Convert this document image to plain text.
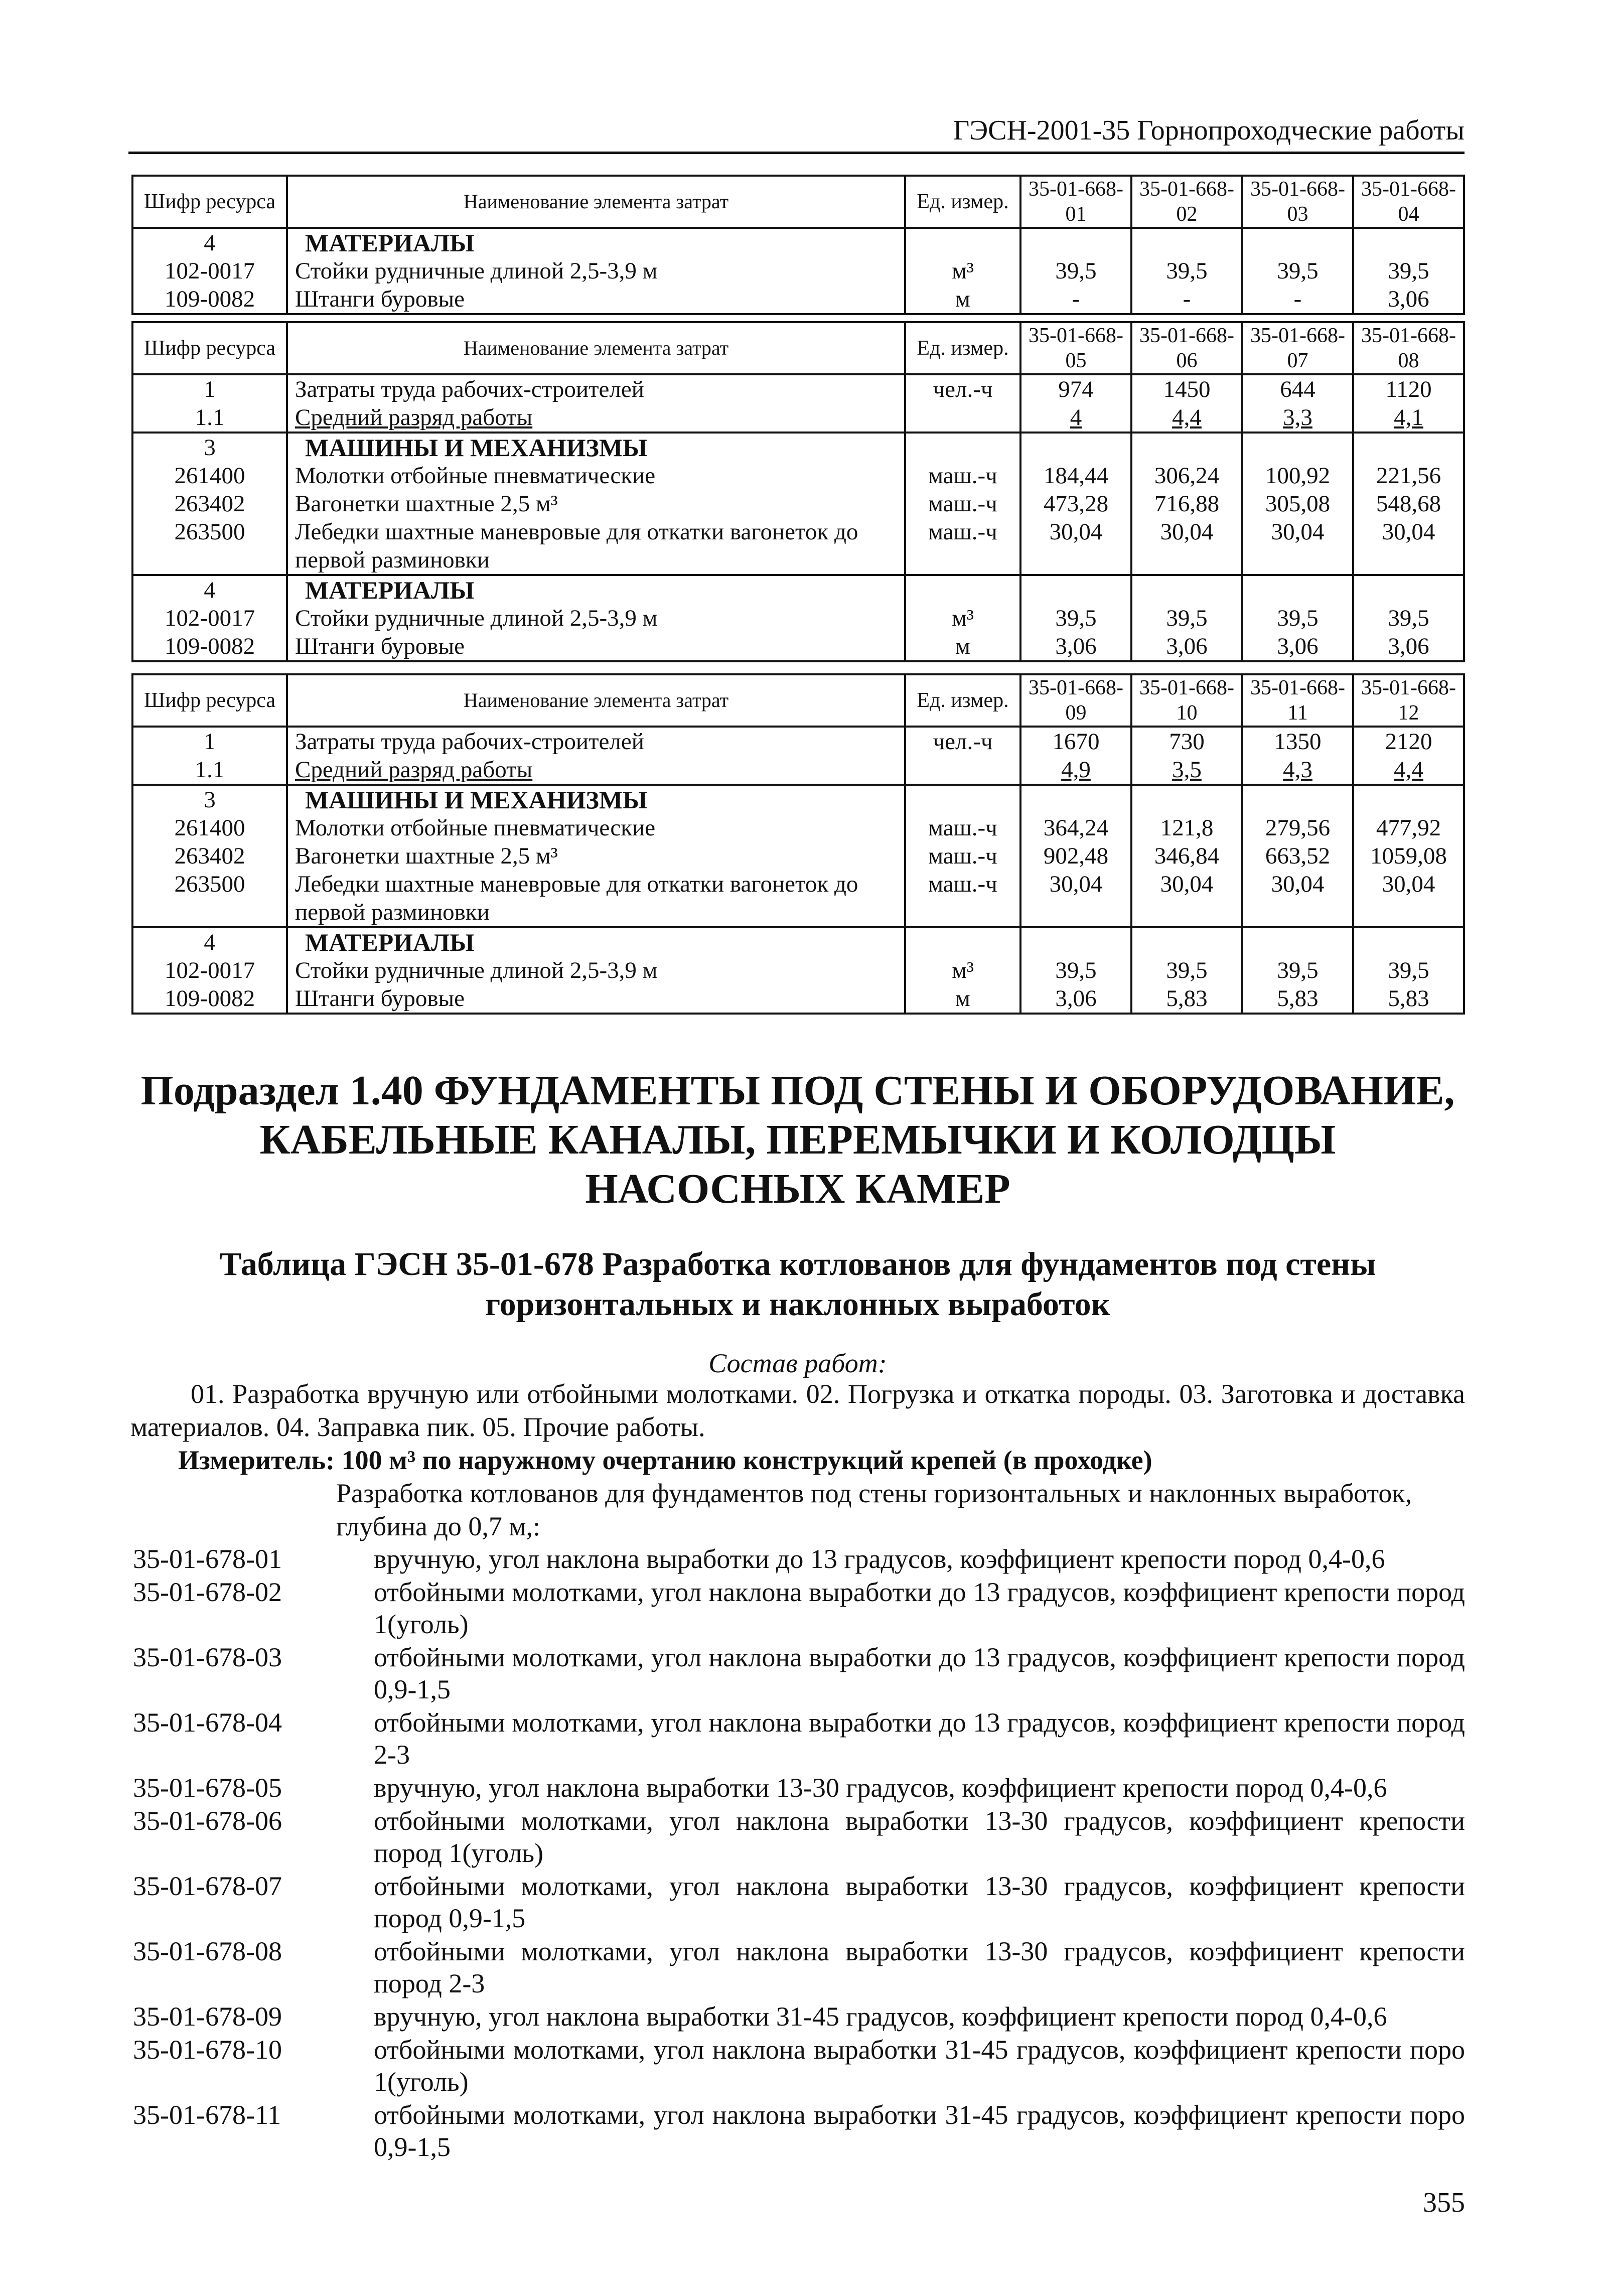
ГЭСН-2001-35 Горнопроходческие работы
Шифр ресурса	Наименование элемента затрат	Ед. измер.	35-01-668-01	35-01-668-02	35-01-668-03	35-01-668-04
4	МАТЕРИАЛЫ					
102-0017	Стойки рудничные длиной 2,5-3,9 м	м³	39,5	39,5	39,5	39,5
109-0082	Штанги буровые	м	-	-	-	3,06
Шифр ресурса	Наименование элемента затрат	Ед. измер.	35-01-668-05	35-01-668-06	35-01-668-07	35-01-668-08
1	Затраты труда рабочих-строителей	чел.-ч	974	1450	644	1120
1.1	Средний разряд работы		4	4,4	3,3	4,1
3	МАШИНЫ И МЕХАНИЗМЫ					
261400	Молотки отбойные пневматические	маш.-ч	184,44	306,24	100,92	221,56
263402	Вагонетки шахтные 2,5 м³	маш.-ч	473,28	716,88	305,08	548,68
263500	Лебедки шахтные маневровые для откатки вагонеток до первой разминовки	маш.-ч	30,04	30,04	30,04	30,04
4	МАТЕРИАЛЫ					
102-0017	Стойки рудничные длиной 2,5-3,9 м	м³	39,5	39,5	39,5	39,5
109-0082	Штанги буровые	м	3,06	3,06	3,06	3,06
Шифр ресурса	Наименование элемента затрат	Ед. измер.	35-01-668-09	35-01-668-10	35-01-668-11	35-01-668-12
1	Затраты труда рабочих-строителей	чел.-ч	1670	730	1350	2120
1.1	Средний разряд работы		4,9	3,5	4,3	4,4
3	МАШИНЫ И МЕХАНИЗМЫ					
261400	Молотки отбойные пневматические	маш.-ч	364,24	121,8	279,56	477,92
263402	Вагонетки шахтные 2,5 м³	маш.-ч	902,48	346,84	663,52	1059,08
263500	Лебедки шахтные маневровые для откатки вагонеток до первой разминовки	маш.-ч	30,04	30,04	30,04	30,04
4	МАТЕРИАЛЫ					
102-0017	Стойки рудничные длиной 2,5-3,9 м	м³	39,5	39,5	39,5	39,5
109-0082	Штанги буровые	м	3,06	5,83	5,83	5,83
Подраздел 1.40 ФУНДАМЕНТЫ ПОД СТЕНЫ И ОБОРУДОВАНИЕ, КАБЕЛЬНЫЕ КАНАЛЫ, ПЕРЕМЫЧКИ И КОЛОДЦЫ НАСОСНЫХ КАМЕР
Таблица ГЭСН 35-01-678 Разработка котлованов для фундаментов под стены горизонтальных и наклонных выработок
Состав работ:
01. Разработка вручную или отбойными молотками. 02. Погрузка и откатка породы. 03. Заготовка и доставка материалов. 04. Заправка пик. 05. Прочие работы.
Измеритель: 100 м³ по наружному очертанию конструкций крепей (в проходке)
Разработка котлованов для фундаментов под стены горизонтальных и наклонных выработок, глубина до 0,7 м,:
35-01-678-01	вручную, угол наклона выработки до 13 градусов, коэффициент крепости пород 0,4-0,6
35-01-678-02	отбойными молотками, угол наклона выработки до 13 градусов, коэффициент крепости пород 1(уголь)
35-01-678-03	отбойными молотками, угол наклона выработки до 13 градусов, коэффициент крепости пород 0,9-1,5
35-01-678-04	отбойными молотками, угол наклона выработки до 13 градусов, коэффициент крепости пород 2-3
35-01-678-05	вручную, угол наклона выработки 13-30 градусов, коэффициент крепости пород 0,4-0,6
35-01-678-06	отбойными молотками, угол наклона выработки 13-30 градусов, коэффициент крепости пород 1(уголь)
35-01-678-07	отбойными молотками, угол наклона выработки 13-30 градусов, коэффициент крепости пород 0,9-1,5
35-01-678-08	отбойными молотками, угол наклона выработки 13-30 градусов, коэффициент крепости пород 2-3
35-01-678-09	вручную, угол наклона выработки 31-45 градусов, коэффициент крепости пород 0,4-0,6
35-01-678-10	отбойными молотками, угол наклона выработки 31-45 градусов, коэффициент крепости поро 1(уголь)
35-01-678-11	отбойными молотками, угол наклона выработки 31-45 градусов, коэффициент крепости поро 0,9-1,5
355
